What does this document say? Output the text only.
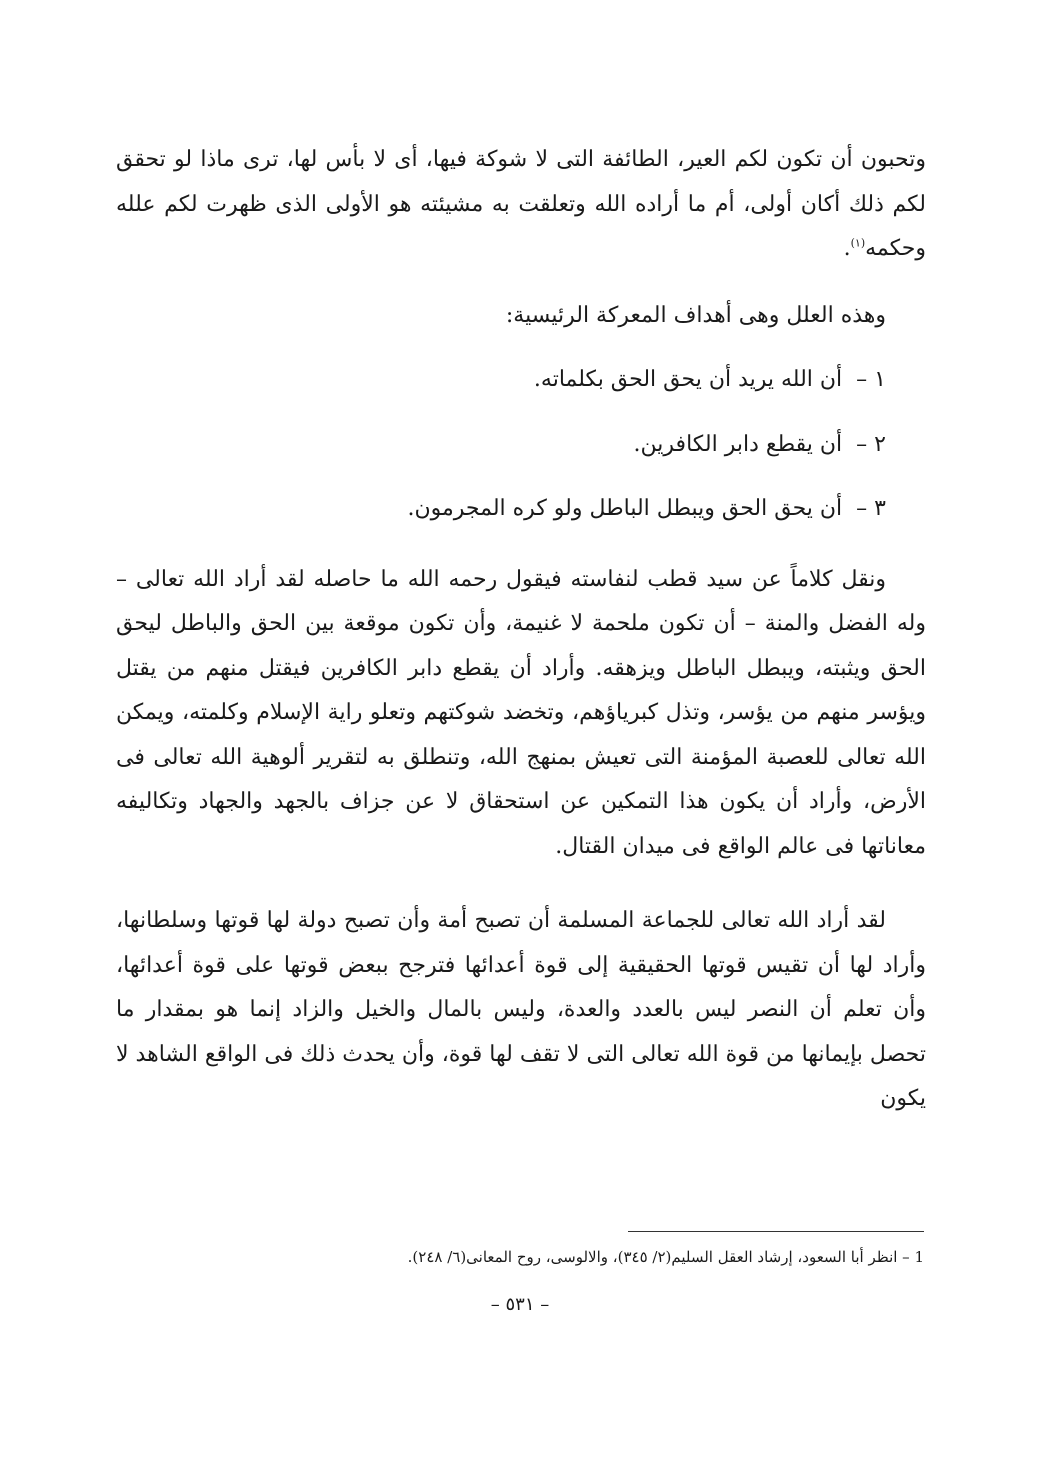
وتحبون أن تكون لكم العير، الطائفة التى لا شوكة فيها، أى لا بأس لها، ترى ماذا لو تحقق لكم ذلك أكان أولى، أم ما أراده الله وتعلقت به مشيئته هو الأولى الذى ظهرت لكم علله وحكمه$^{(١)}$.

وهذه العلل وهى أهداف المعركة الرئيسية:
١ –أن الله يريد أن يحق الحق بكلماته.
٢ –أن يقطع دابر الكافرين.
٣ –أن يحق الحق ويبطل الباطل ولو كره المجرمون.

ونقل كلاماً عن سيد قطب لنفاسته فيقول رحمه الله ما حاصله لقد أراد الله تعالى – وله الفضل والمنة – أن تكون ملحمة لا غنيمة، وأن تكون موقعة بين الحق والباطل ليحق الحق ويثبته، ويبطل الباطل ويزهقه. وأراد أن يقطع دابر الكافرين فيقتل منهم من يقتل ويؤسر منهم من يؤسر، وتذل كبرياؤهم، وتخضد شوكتهم وتعلو راية الإسلام وكلمته، ويمكن الله تعالى للعصبة المؤمنة التى تعيش بمنهج الله، وتنطلق به لتقرير ألوهية الله تعالى فى الأرض، وأراد أن يكون هذا التمكين عن استحقاق لا عن جزاف بالجهد والجهاد وتكاليفه معاناتها فى عالم الواقع فى ميدان القتال.

لقد أراد الله تعالى للجماعة المسلمة أن تصبح أمة وأن تصبح دولة لها قوتها وسلطانها، وأراد لها أن تقيس قوتها الحقيقية إلى قوة أعدائها فترجح ببعض قوتها على قوة أعدائها، وأن تعلم أن النصر ليس بالعدد والعدة، وليس بالمال والخيل والزاد إنما هو بمقدار ما تحصل بإيمانها من قوة الله تعالى التى لا تقف لها قوة، وأن يحدث ذلك فى الواقع الشاهد لا يكون

1 – انظر أبا السعود، إرشاد العقل السليم(٢/ ٣٤٥)، والالوسى، روح المعانى(٦/ ٢٤٨).
– ٥٣١ –
